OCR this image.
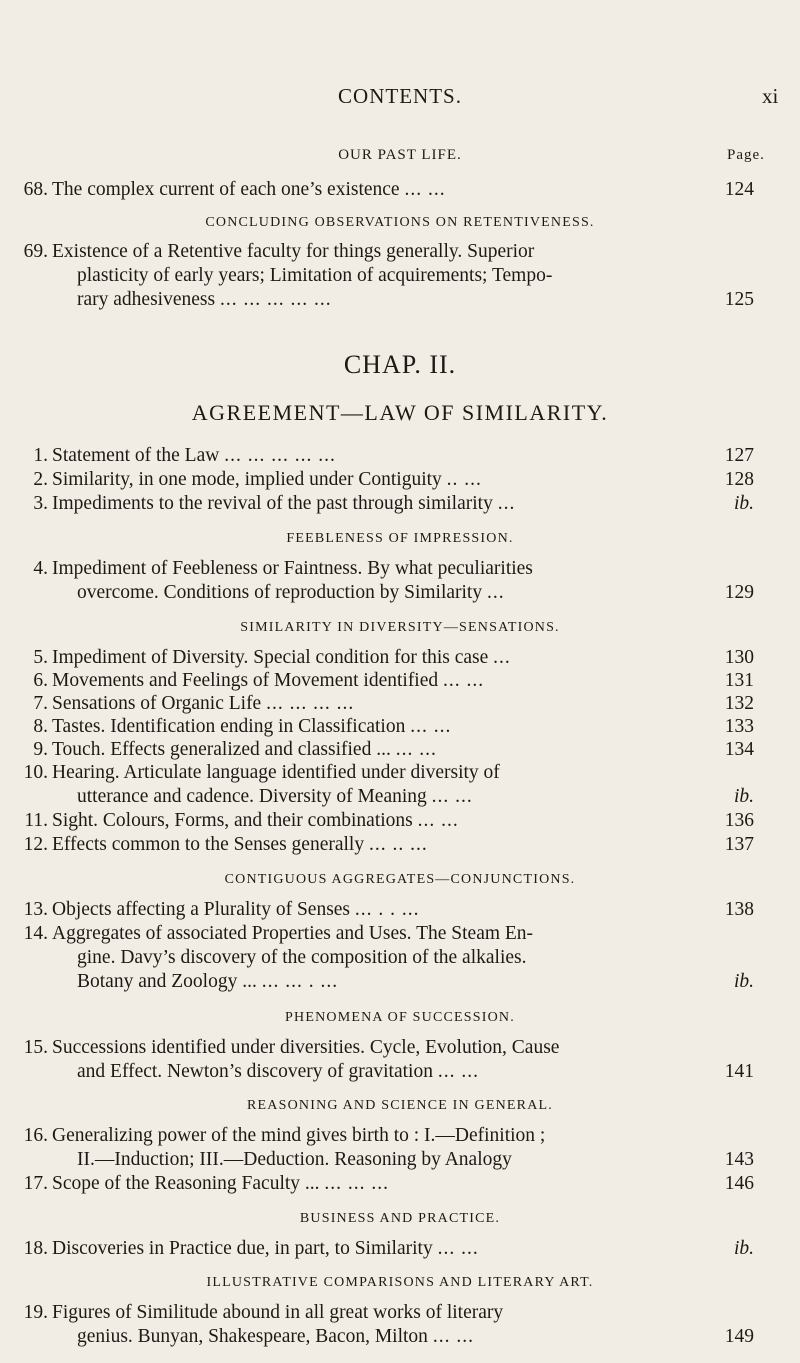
CONTENTS.	xi
OUR PAST LIFE.	Page.
68. The complex current of each one’s existence ... ...	124
CONCLUDING OBSERVATIONS ON RETENTIVENESS.
69. Existence of a Retentive faculty for things generally. Superior
plasticity of early years; Limitation of acquirements; Tempo-
rary adhesiveness ... ... ... ... ...	125
CHAP. II.
AGREEMENT—LAW OF SIMILARITY.
1. Statement of the Law ... ... ... ... ...	127
2. Similarity, in one mode, implied under Contiguity .. ...	128
3. Impediments to the revival of the past through similarity ...	ib.
FEEBLENESS OF IMPRESSION.
4. Impediment of Feebleness or Faintness. By what peculiarities
overcome. Conditions of reproduction by Similarity ...	129
SIMILARITY IN DIVERSITY—SENSATIONS.
5. Impediment of Diversity. Special condition for this case ...	130
6. Movements and Feelings of Movement identified ... ...	131
7. Sensations of Organic Life ... ... ... ...	132
8. Tastes. Identification ending in Classification ... ...	133
9. Touch. Effects generalized and classified ... ... ...	134
10. Hearing. Articulate language identified under diversity of
utterance and cadence. Diversity of Meaning ... ...	ib.
11. Sight. Colours, Forms, and their combinations ... ...	136
12. Effects common to the Senses generally ... .. ...	137
CONTIGUOUS AGGREGATES—CONJUNCTIONS.
13. Objects affecting a Plurality of Senses ... . . ...	138
14. Aggregates of associated Properties and Uses. The Steam En-
gine. Davy’s discovery of the composition of the alkalies.
Botany and Zoology ... ... ... . ...	ib.
PHENOMENA OF SUCCESSION.
15. Successions identified under diversities. Cycle, Evolution, Cause
and Effect. Newton’s discovery of gravitation ... ...	141
REASONING AND SCIENCE IN GENERAL.
16. Generalizing power of the mind gives birth to : I.—Definition ;
II.—Induction; III.—Deduction. Reasoning by Analogy	143
17. Scope of the Reasoning Faculty ... ... ... ...	146
BUSINESS AND PRACTICE.
18. Discoveries in Practice due, in part, to Similarity ... ...	ib.
ILLUSTRATIVE COMPARISONS AND LITERARY ART.
19. Figures of Similitude abound in all great works of literary
genius. Bunyan, Shakespeare, Bacon, Milton ... ...	149
